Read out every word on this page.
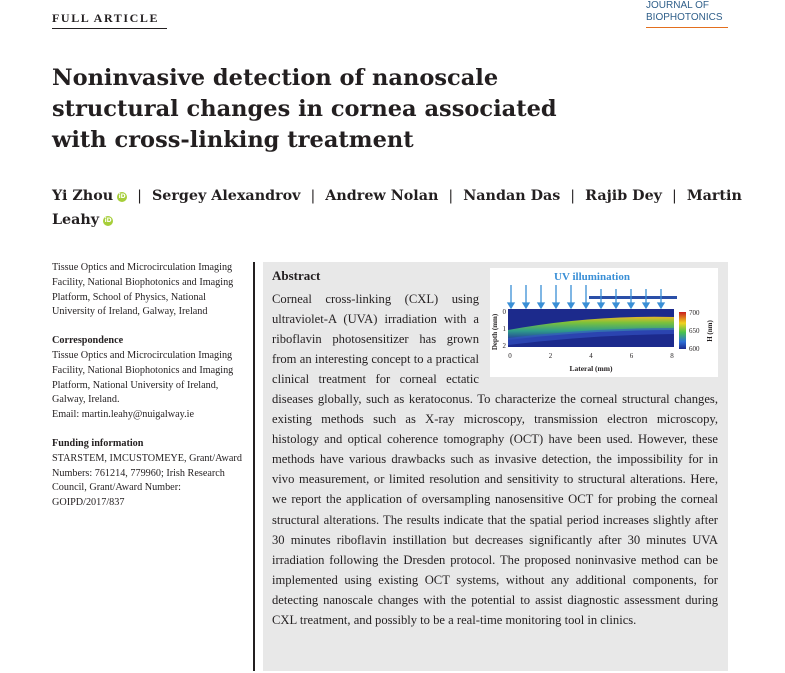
FULL ARTICLE
JOURNAL OF
BIOPHOTONICS
Noninvasive detection of nanoscale structural changes in cornea associated with cross-linking treatment
Yi Zhou iD | Sergey Alexandrov | Andrew Nolan | Nandan Das | Rajib Dey | Martin Leahy iD

Tissue Optics and Microcirculation Imaging Facility, National Biophotonics and Imaging Platform, School of Physics, National University of Ireland, Galway, Ireland

Correspondence

Tissue Optics and Microcirculation Imaging Facility, National Biophotonics and Imaging Platform, National University of Ireland, Galway, Ireland.

Email: martin.leahy@nuigalway.ie

Funding information

STARSTEM, IMCUSTOMEYE, Grant/Award Numbers: 761214, 779960; Irish Research Council, Grant/Award Number: GOIPD/2017/837

Abstract

Corneal cross-linking (CXL) using ultraviolet-A (UVA) irradiation with a riboflavin photosensitizer has grown from an interesting concept to a practical clinical treatment for corneal ectatic diseases globally, such as keratoconus. To characterize the corneal structural changes, existing methods such as X-ray microscopy, transmission electron microscopy, histology and optical coherence tomography (OCT) have been used. However, these methods have various drawbacks such as invasive detection, the impossibility for in vivo measurement, or limited resolution and sensitivity to structural alterations. Here, we report the application of oversampling nanosensitive OCT for probing the corneal structural alterations. The results indicate that the spatial period increases slightly after 30 minutes riboflavin instillation but decreases significantly after 30 minutes UVA irradiation following the Dresden protocol. The proposed noninvasive method can be implemented using existing OCT systems, without any additional components, for detecting nanoscale changes with the potential to assist diagnostic assessment during CXL treatment, and possibly to be a real-time monitoring tool in clinics.

UV illumination
Depth (mm)
Lateral (mm)
H (nm)
0	2	4	6	8
0
1
2
700
650
600
